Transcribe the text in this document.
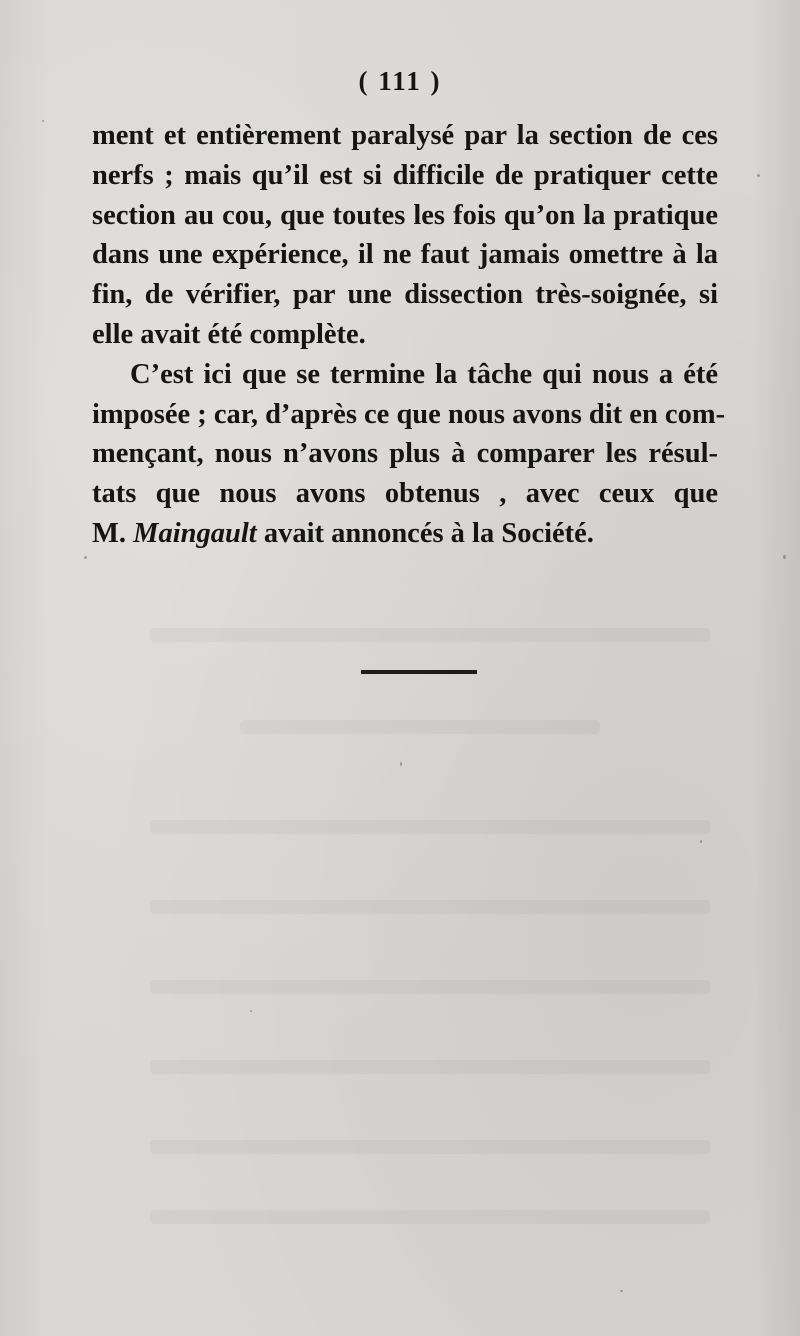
( 111 )
ment et entièrement paralysé par la section de ces
nerfs ; mais qu’il est si difficile de pratiquer cette
section au cou, que toutes les fois qu’on la pratique
dans une expérience, il ne faut jamais omettre à la
fin, de vérifier, par une dissection très-soignée, si
elle avait été complète.
C’est ici que se termine la tâche qui nous a été
imposée ; car, d’après ce que nous avons dit en com-
mençant, nous n’avons plus à comparer les résul-
tats que nous avons obtenus , avec ceux que
M. Maingault avait annoncés à la Société.
